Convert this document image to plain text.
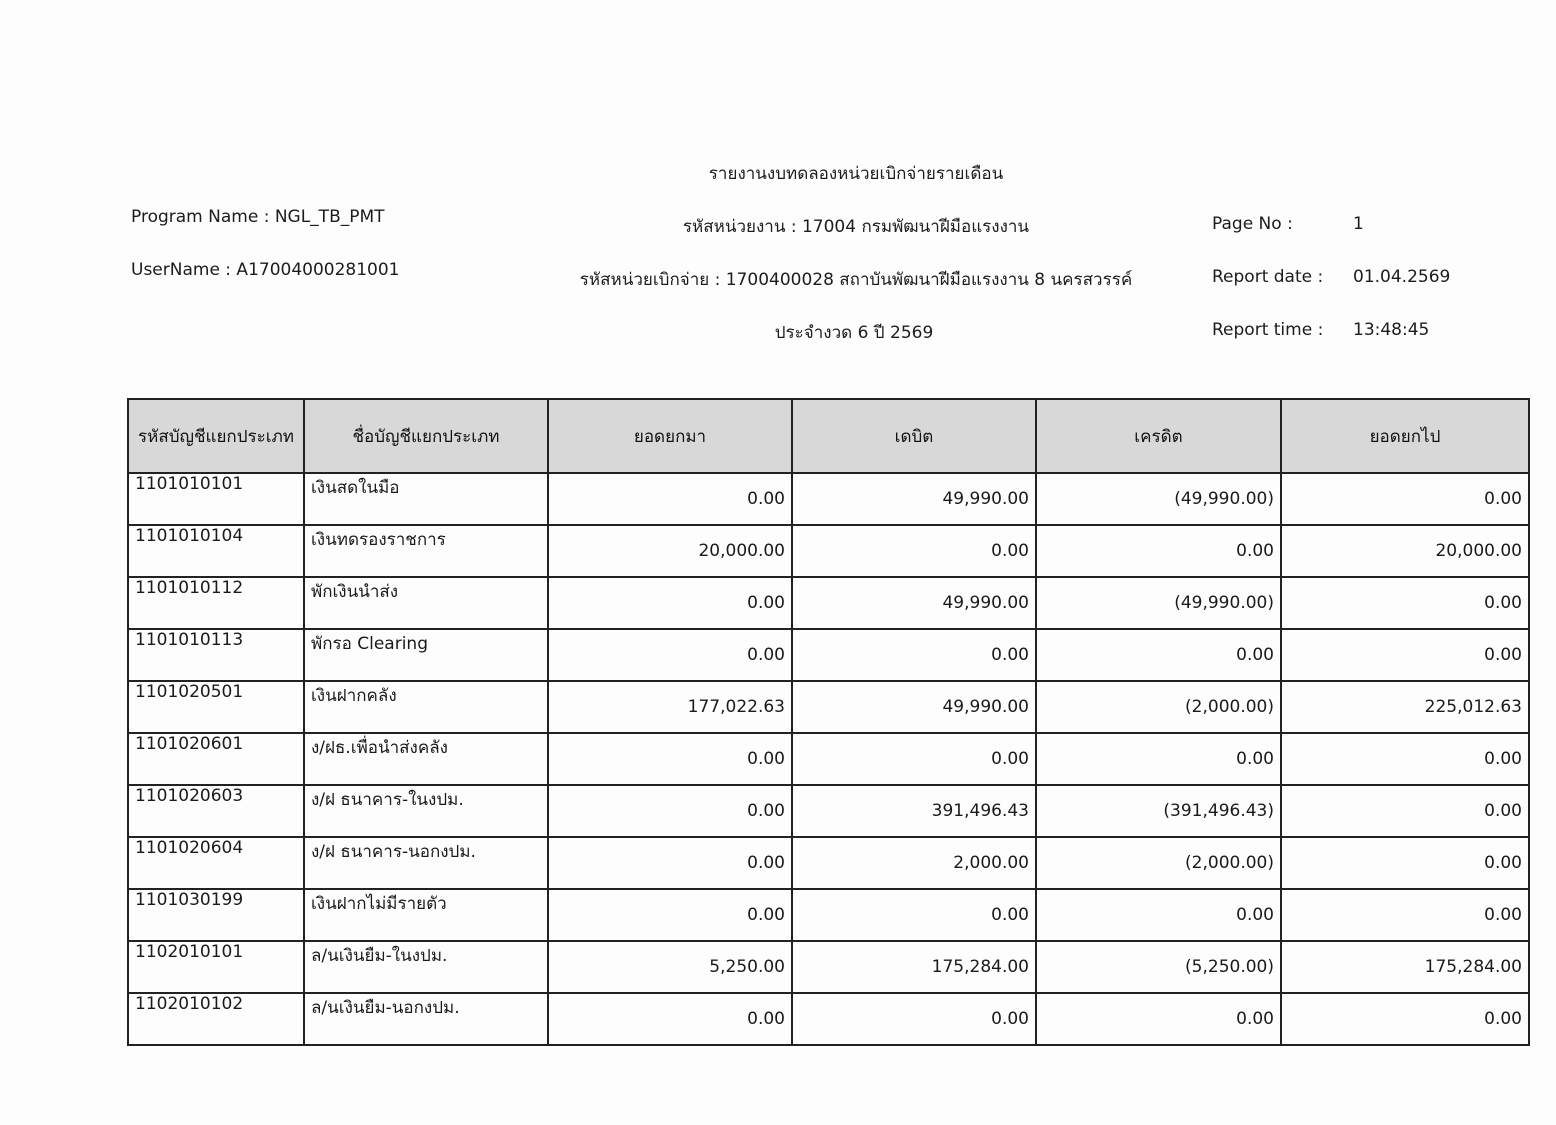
รายงานงบทดลองหน่วยเบิกจ่ายรายเดือน
Program Name : NGL_TB_PMT	รหัสหน่วยงาน : 17004 กรมพัฒนาฝีมือแรงงาน	Page No :	1
UserName : A17004000281001	รหัสหน่วยเบิกจ่าย : 1700400028 สถาบันพัฒนาฝีมือแรงงาน 8 นครสวรรค์	Report date : 01.04.2569
ประจำงวด 6 ปี 2569	Report time : 13:48:45
รหัสบัญชีแยกประเภท	ชื่อบัญชีแยกประเภท	ยอดยกมา	เดบิต	เครดิต	ยอดยกไป
1101010101	เงินสดในมือ	0.00	49,990.00	(49,990.00)	0.00
1101010104	เงินทดรองราชการ	20,000.00	0.00	0.00	20,000.00
1101010112	พักเงินนำส่ง	0.00	49,990.00	(49,990.00)	0.00
1101010113	พักรอ Clearing	0.00	0.00	0.00	0.00
1101020501	เงินฝากคลัง	177,022.63	49,990.00	(2,000.00)	225,012.63
1101020601	ง/ฝธ.เพื่อนำส่งคลัง	0.00	0.00	0.00	0.00
1101020603	ง/ฝ ธนาคาร-ในงปม.	0.00	391,496.43	(391,496.43)	0.00
1101020604	ง/ฝ ธนาคาร-นอกงปม.	0.00	2,000.00	(2,000.00)	0.00
1101030199	เงินฝากไม่มีรายตัว	0.00	0.00	0.00	0.00
1102010101	ล/นเงินยืม-ในงปม.	5,250.00	175,284.00	(5,250.00)	175,284.00
1102010102	ล/นเงินยืม-นอกงปม.	0.00	0.00	0.00	0.00
